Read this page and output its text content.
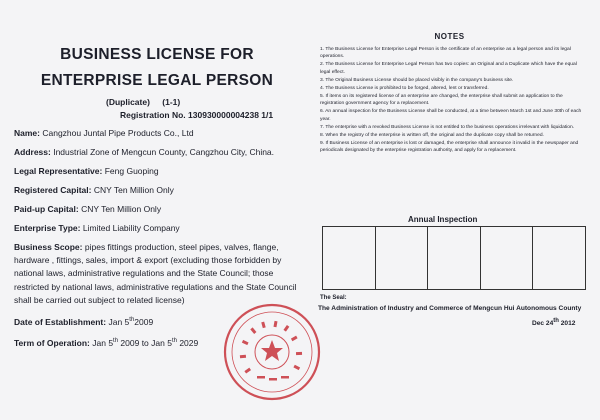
BUSINESS LICENSE FOR
ENTERPRISE LEGAL PERSON
(Duplicate) (1-1)
Registration No. 130930000004238 1/1
Name: Cangzhou Juntal Pipe Products Co., Ltd
Address: Industrial Zone of Mengcun County, Cangzhou City, China.
Legal Representative: Feng Guoping
Registered Capital: CNY Ten Million Only
Paid-up Capital: CNY Ten Million Only
Enterprise Type: Limited Liability Company
Business Scope: pipes fittings production, steel pipes, valves, flange, hardware , fittings, sales, import & export (excluding those forbidden by national laws, administrative regulations and the State Council; those restricted by national laws, administrative regulations and the State Council shall be carried out subject to related license)
Date of Establishment: Jan 5th2009
Term of Operation: Jan 5th 2009 to Jan 5th 2029
NOTES
1. The Business License for Enterprise Legal Person is the certificate of an enterprise as a legal person and its legal operations.
2. The Business License for Enterprise Legal Person has two copies: an Original and a Duplicate which have the equal legal effect.
3. The Original Business License should be placed visibly in the company's business site.
4. The Business License is prohibited to be forged, altered, lent or transferred.
5. If items on its registered license of an enterprise are changed, the enterprise shall submit an application to the registration government agency for a replacement.
6. An annual inspection for the Business License shall be conducted, at a time between March 1st and June 30th of each year.
7. The enterprise with a revoked Business License is not entitled to the business operations irrelevant with liquidation.
8. When the registry of the enterprise is written off, the original and the duplicate copy shall be returned.
9. If Business License of an enterprise is lost or damaged, the enterprise shall announce it invalid in the newspaper and periodicals designated by the enterprise registration authority, and apply for a replacement.
Annual Inspection
The Seal:
The Administration of Industry and Commerce of Mengcun Hui Autonomous County
Dec 24th 2012
